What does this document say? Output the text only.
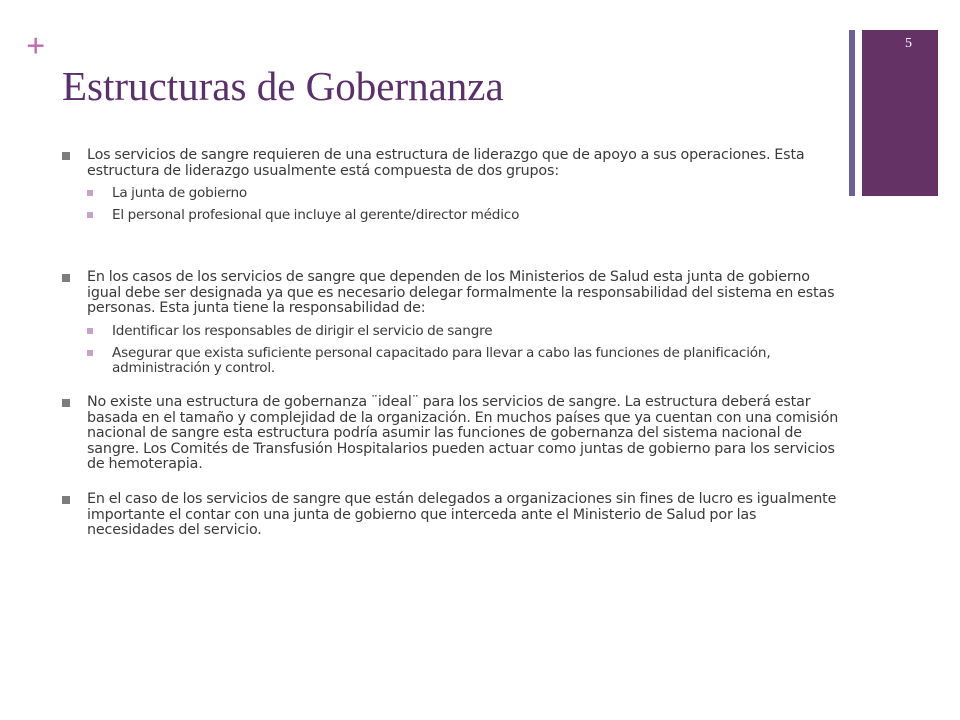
+
Estructuras de Gobernanza
5
Los servicios de sangre requieren de una estructura de liderazgo que de apoyo a sus operaciones. Esta estructura de liderazgo usualmente está compuesta de dos grupos:
La junta de gobierno
El personal profesional que incluye al gerente/director médico
En los casos de los servicios de sangre que dependen de los Ministerios de Salud esta junta de gobierno igual debe ser designada ya que es necesario delegar formalmente la responsabilidad del sistema en estas personas. Esta junta tiene la responsabilidad de:
Identificar los responsables de dirigir el servicio de sangre
Asegurar que exista suficiente personal capacitado para llevar a cabo las funciones de planificación, administración y control.
No existe una estructura de gobernanza ¨ideal¨ para los servicios de sangre. La estructura deberá estar basada en el tamaño y complejidad de la organización. En muchos países que ya cuentan con una comisión nacional de sangre esta estructura podría asumir las funciones de gobernanza del sistema nacional de sangre. Los Comités de Transfusión Hospitalarios pueden actuar como juntas de gobierno para los servicios de hemoterapia.
En el caso de los servicios de sangre que están delegados a organizaciones sin fines de lucro es igualmente importante el contar con una junta de gobierno que interceda ante el Ministerio de Salud por las necesidades del servicio.
